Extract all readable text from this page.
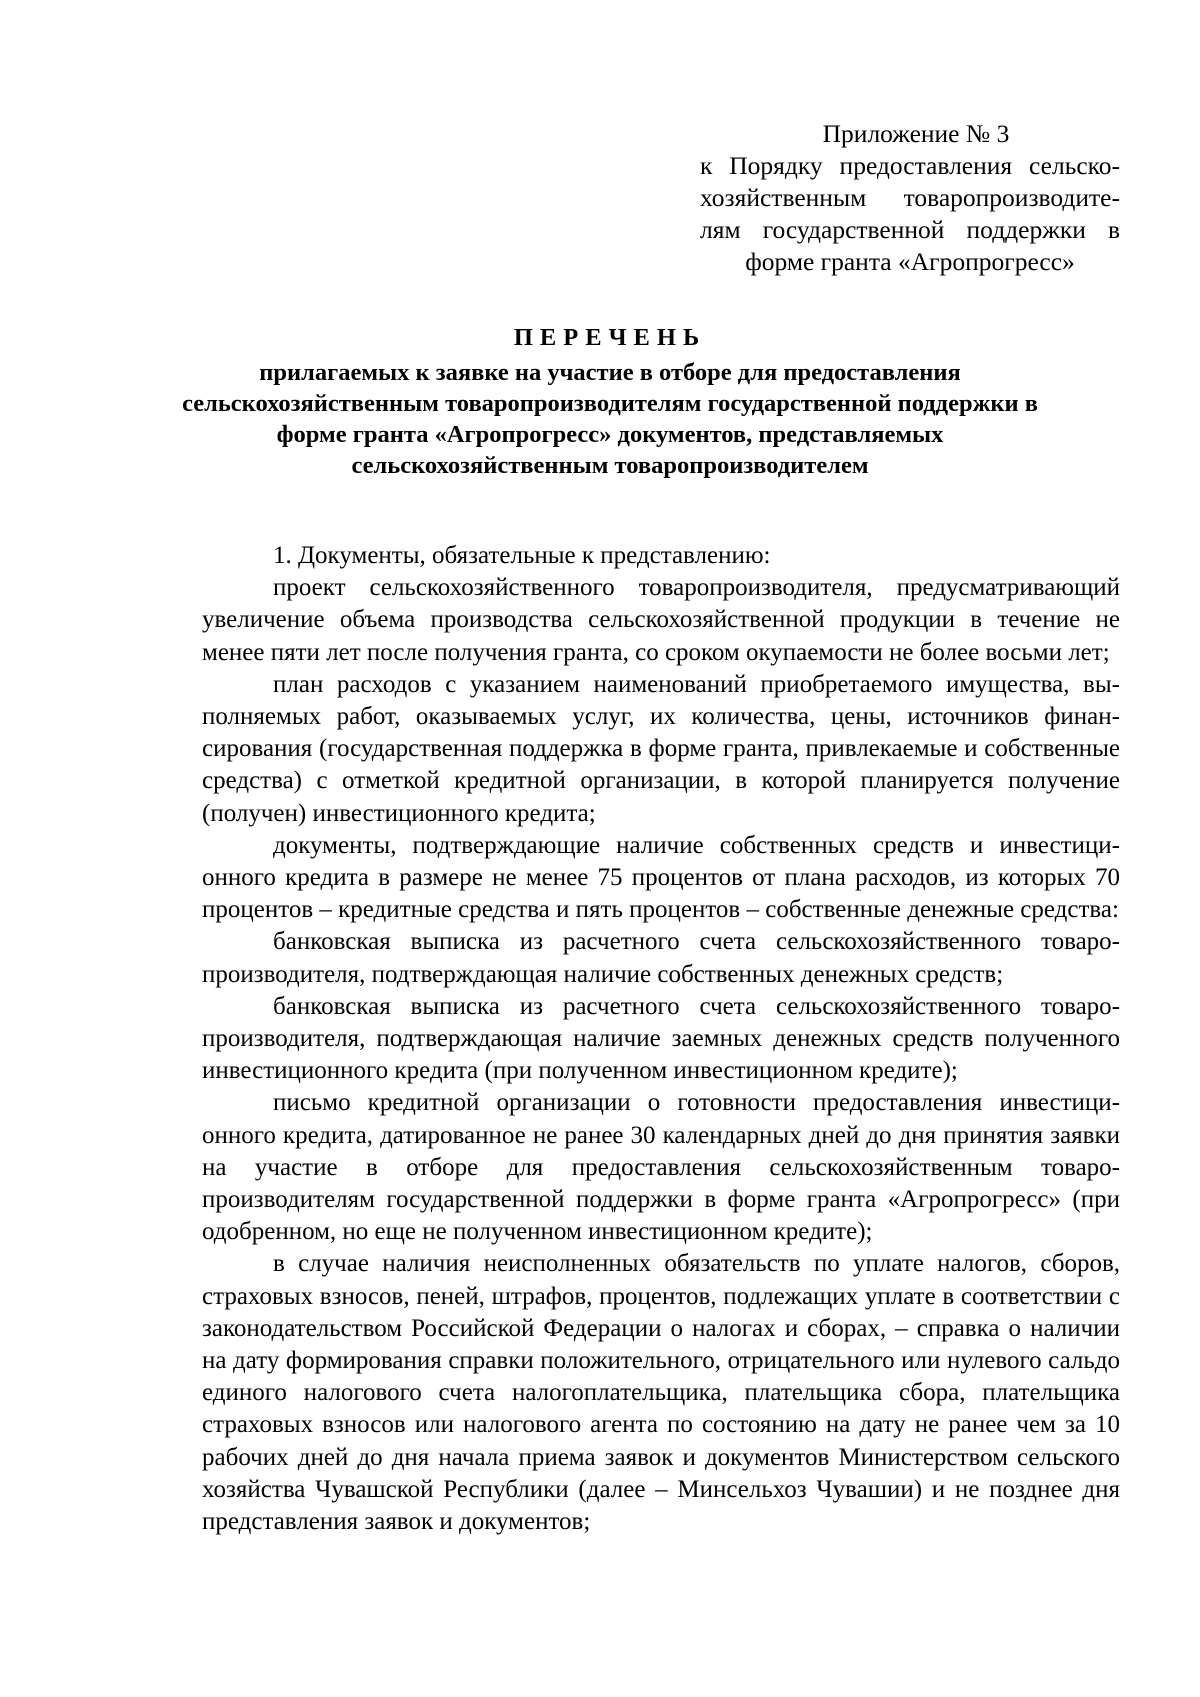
Приложение № 3
к Порядку предоставления сельскохозяйственным товаропроизводителям государственной поддержки в форме гранта «Агропрогресс»
ПЕРЕЧЕНЬ
прилагаемых к заявке на участие в отборе для предоставления сельскохозяйственным товаропроизводителям государственной поддержки в форме гранта «Агропрогресс» документов, представляемых сельскохозяйственным товаропроизводителем

1. Документы, обязательные к представлению:

проект сельскохозяйственного товаропроизводителя, предусматривающий увеличение объема производства сельскохозяйственной продукции в течение не менее пяти лет после получения гранта, со сроком окупаемости не более восьми лет;

план расходов с указанием наименований приобретаемого имущества, выполняемых работ, оказываемых услуг, их количества, цены, источников финансирования (государственная поддержка в форме гранта, привлекаемые и собственные средства) с отметкой кредитной организации, в которой планируется получение (получен) инвестиционного кредита;

документы, подтверждающие наличие собственных средств и инвестиционного кредита в размере не менее 75 процентов от плана расходов, из которых 70 процентов – кредитные средства и пять процентов – собственные денежные средства:

банковская выписка из расчетного счета сельскохозяйственного товаропроизводителя, подтверждающая наличие собственных денежных средств;

банковская выписка из расчетного счета сельскохозяйственного товаропроизводителя, подтверждающая наличие заемных денежных средств полученного инвестиционного кредита (при полученном инвестиционном кредите);

письмо кредитной организации о готовности предоставления инвестиционного кредита, датированное не ранее 30 календарных дней до дня принятия заявки на участие в отборе для предоставления сельскохозяйственным товаропроизводителям государственной поддержки в форме гранта «Агропрогресс» (при одобренном, но еще не полученном инвестиционном кредите);

в случае наличия неисполненных обязательств по уплате налогов, сборов, страховых взносов, пеней, штрафов, процентов, подлежащих уплате в соответствии с законодательством Российской Федерации о налогах и сборах, – справка о наличии на дату формирования справки положительного, отрицательного или нулевого сальдо единого налогового счета налогоплательщика, плательщика сбора, плательщика страховых взносов или налогового агента по состоянию на дату не ранее чем за 10 рабочих дней до дня начала приема заявок и документов Министерством сельского хозяйства Чувашской Республики (далее – Минсельхоз Чувашии) и не позднее дня представления заявок и документов;
